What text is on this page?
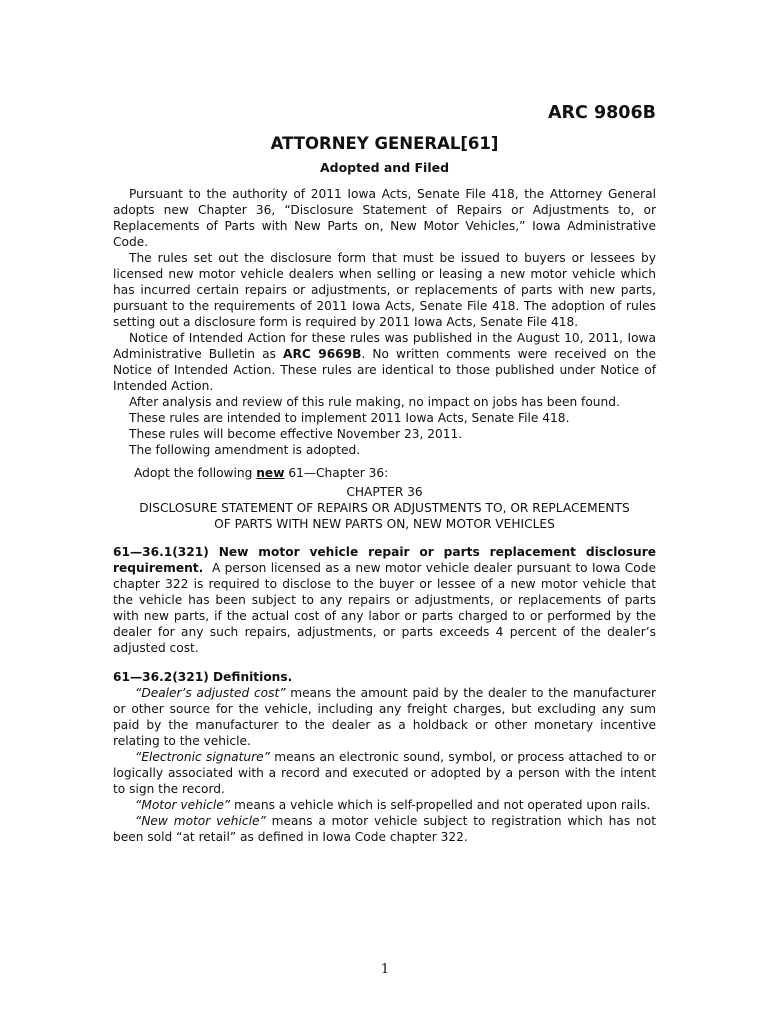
ARC 9806B
ATTORNEY GENERAL[61]
Adopted and Filed

Pursuant to the authority of 2011 Iowa Acts, Senate File 418, the Attorney General adopts new Chapter 36, “Disclosure Statement of Repairs or Adjustments to, or Replacements of Parts with New Parts on, New Motor Vehicles,” Iowa Administrative Code.

The rules set out the disclosure form that must be issued to buyers or lessees by licensed new motor vehicle dealers when selling or leasing a new motor vehicle which has incurred certain repairs or adjustments, or replacements of parts with new parts, pursuant to the requirements of 2011 Iowa Acts, Senate File 418. The adoption of rules setting out a disclosure form is required by 2011 Iowa Acts, Senate File 418.

Notice of Intended Action for these rules was published in the August 10, 2011, Iowa Administrative Bulletin as ARC 9669B. No written comments were received on the Notice of Intended Action. These rules are identical to those published under Notice of Intended Action.

After analysis and review of this rule making, no impact on jobs has been found.

These rules are intended to implement 2011 Iowa Acts, Senate File 418.

These rules will become effective November 23, 2011.

The following amendment is adopted.

Adopt the following new 61—Chapter 36:
CHAPTER 36
DISCLOSURE STATEMENT OF REPAIRS OR ADJUSTMENTS TO, OR REPLACEMENTS
OF PARTS WITH NEW PARTS ON, NEW MOTOR VEHICLES

61—36.1(321) New motor vehicle repair or parts replacement disclosure requirement. A person licensed as a new motor vehicle dealer pursuant to Iowa Code chapter 322 is required to disclose to the buyer or lessee of a new motor vehicle that the vehicle has been subject to any repairs or adjustments, or replacements of parts with new parts, if the actual cost of any labor or parts charged to or performed by the dealer for any such repairs, adjustments, or parts exceeds 4 percent of the dealer’s adjusted cost.

61—36.2(321) Definitions.

“Dealer’s adjusted cost” means the amount paid by the dealer to the manufacturer or other source for the vehicle, including any freight charges, but excluding any sum paid by the manufacturer to the dealer as a holdback or other monetary incentive relating to the vehicle.

“Electronic signature” means an electronic sound, symbol, or process attached to or logically associated with a record and executed or adopted by a person with the intent to sign the record.

“Motor vehicle” means a vehicle which is self-propelled and not operated upon rails.

“New motor vehicle” means a motor vehicle subject to registration which has not been sold “at retail” as defined in Iowa Code chapter 322.

1
